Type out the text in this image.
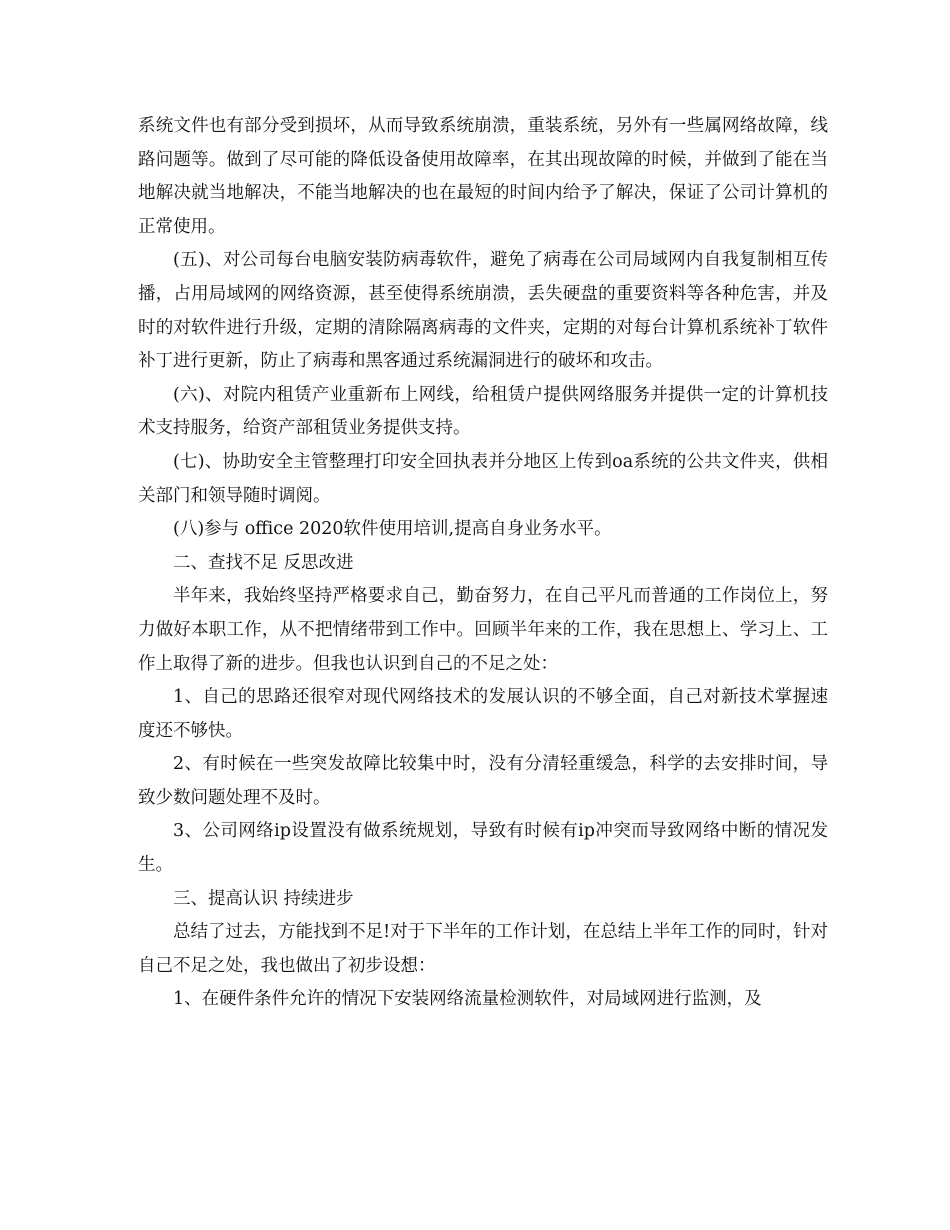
系统文件也有部分受到损坏，从而导致系统崩溃，重装系统，另外有一些属网络故障，线路问题等。做到了尽可能的降低设备使用故障率，在其出现故障的时候，并做到了能在当地解决就当地解决，不能当地解决的也在最短的时间内给予了解决，保证了公司计算机的正常使用。

(五)、对公司每台电脑安装防病毒软件，避免了病毒在公司局域网内自我复制相互传播，占用局域网的网络资源，甚至使得系统崩溃，丢失硬盘的重要资料等各种危害，并及时的对软件进行升级，定期的清除隔离病毒的文件夹，定期的对每台计算机系统补丁软件补丁进行更新，防止了病毒和黑客通过系统漏洞进行的破坏和攻击。

(六)、对院内租赁产业重新布上网线，给租赁户提供网络服务并提供一定的计算机技术支持服务，给资产部租赁业务提供支持。

(七)、协助安全主管整理打印安全回执表并分地区上传到oa系统的公共文件夹，供相关部门和领导随时调阅。

(八)参与 office 2020软件使用培训,提高自身业务水平。

二、查找不足 反思改进

半年来，我始终坚持严格要求自己，勤奋努力，在自己平凡而普通的工作岗位上，努力做好本职工作，从不把情绪带到工作中。回顾半年来的工作，我在思想上、学习上、工作上取得了新的进步。但我也认识到自己的不足之处：

1、自己的思路还很窄对现代网络技术的发展认识的不够全面，自己对新技术掌握速度还不够快。

2、有时候在一些突发故障比较集中时，没有分清轻重缓急，科学的去安排时间，导致少数问题处理不及时。

3、公司网络ip设置没有做系统规划，导致有时候有ip冲突而导致网络中断的情况发生。

三、提高认识 持续进步

总结了过去，方能找到不足!对于下半年的工作计划，在总结上半年工作的同时，针对自己不足之处，我也做出了初步设想：

1、在硬件条件允许的情况下安装网络流量检测软件，对局域网进行监测，及
